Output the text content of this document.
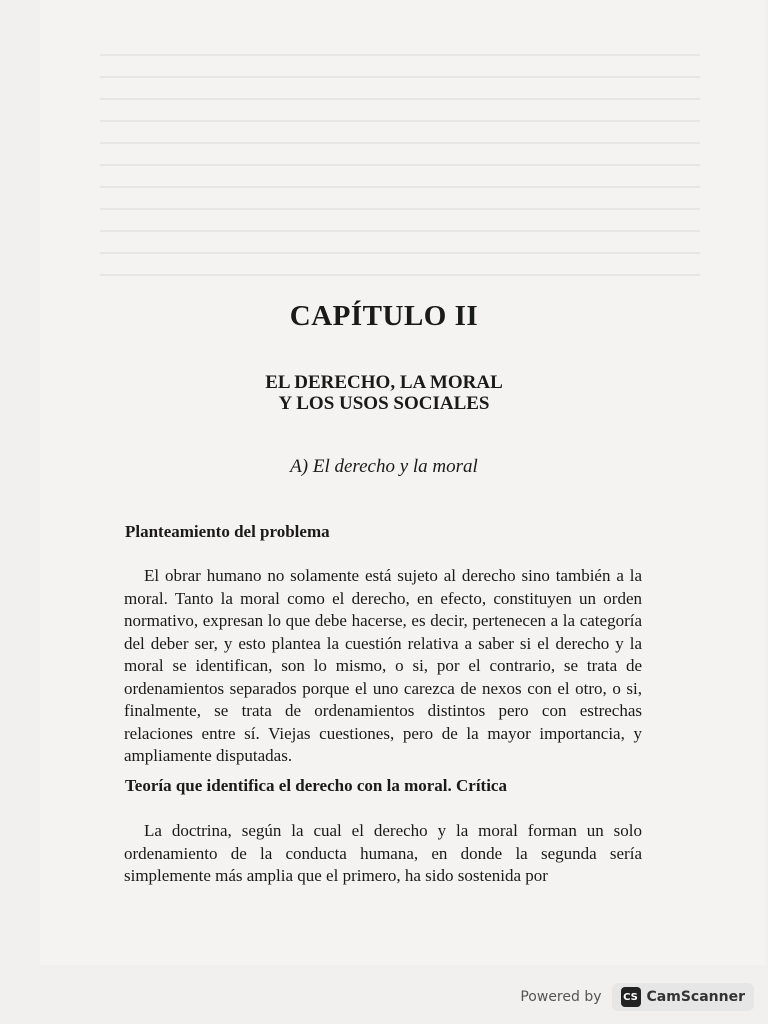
CAPÍTULO II
EL DERECHO, LA MORAL
Y LOS USOS SOCIALES
A) El derecho y la moral
Planteamiento del problema

El obrar humano no solamente está sujeto al derecho sino también a la moral. Tanto la moral como el derecho, en efecto, constituyen un orden normativo, expresan lo que debe hacerse, es decir, pertenecen a la categoría del deber ser, y esto plantea la cuestión relativa a saber si el derecho y la moral se identifican, son lo mismo, o si, por el contrario, se trata de ordenamientos separados porque el uno carezca de nexos con el otro, o si, finalmente, se trata de ordenamientos distintos pero con estrechas relaciones entre sí. Viejas cuestiones, pero de la mayor importancia, y ampliamente disputadas.

Teoría que identifica el derecho con la moral. Crítica

La doctrina, según la cual el derecho y la moral forman un solo ordenamiento de la conducta humana, en donde la segunda sería simplemente más amplia que el primero, ha sido sostenida por

Powered by CS CamScanner
